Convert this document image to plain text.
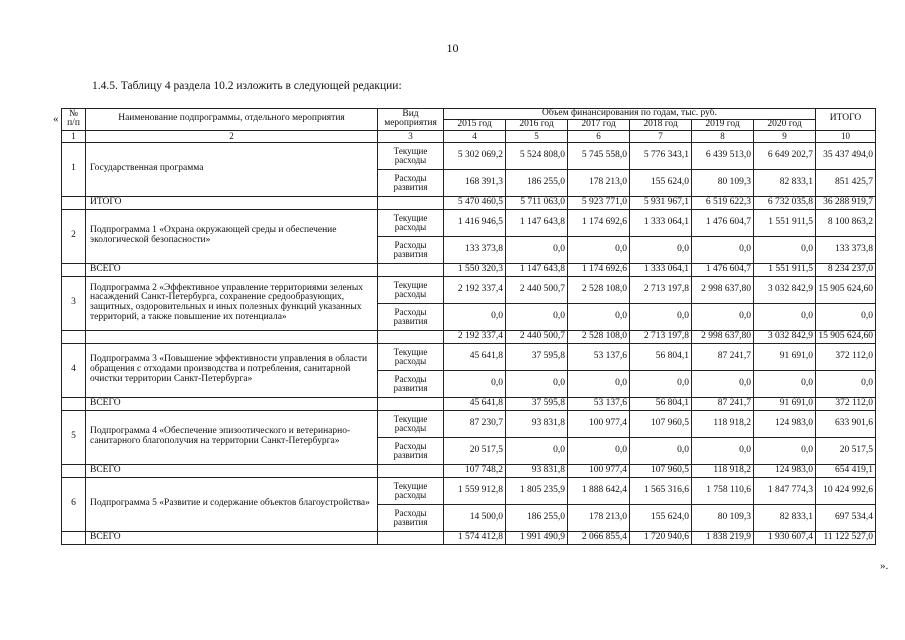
10
1.4.5. Таблицу 4 раздела 10.2 изложить в следующей редакции:
«
».
№ п/п	Наименование подпрограммы, отдельного мероприятия	Вид мероприятия	Объем финансирования по годам, тыс. руб.						ИТОГО
			2015 год	2016 год	2017 год	2018 год	2019 год	2020 год	
1	2	3	4	5	6	7	8	9	10
1	Государственная программа	Текущие расходы	5 302 069,2	5 524 808,0	5 745 558,0	5 776 343,1	6 439 513,0	6 649 202,7	35 437 494,0
		Расходы развития	168 391,3	186 255,0	178 213,0	155 624,0	80 109,3	82 833,1	851 425,7
	ИТОГО		5 470 460,5	5 711 063,0	5 923 771,0	5 931 967,1	6 519 622,3	6 732 035,8	36 288 919,7
2	Подпрограмма 1 «Охрана окружающей среды и обеспечение экологической безопасности»	Текущие расходы	1 416 946,5	1 147 643,8	1 174 692,6	1 333 064,1	1 476 604,7	1 551 911,5	8 100 863,2
		Расходы развития	133 373,8	0,0	0,0	0,0	0,0	0,0	133 373,8
	ВСЕГО		1 550 320,3	1 147 643,8	1 174 692,6	1 333 064,1	1 476 604,7	1 551 911,5	8 234 237,0
3	Подпрограмма 2 «Эффективное управление территориями зеленых насаждений Санкт-Петербурга, сохранение средообразующих, защитных, оздоровительных и иных полезных функций указанных территорий, а также повышение их потенциала»	Текущие расходы	2 192 337,4	2 440 500,7	2 528 108,0	2 713 197,8	2 998 637,80	3 032 842,9	15 905 624,60
		Расходы развития	0,0	0,0	0,0	0,0	0,0	0,0	0,0
			2 192 337,4	2 440 500,7	2 528 108,0	2 713 197,8	2 998 637,80	3 032 842,9	15 905 624,60
4	Подпрограмма 3 «Повышение эффективности управления в области обращения с отходами производства и потребления, санитарной очистки территории Санкт-Петербурга»	Текущие расходы	45 641,8	37 595,8	53 137,6	56 804,1	87 241,7	91 691,0	372 112,0
		Расходы развития	0,0	0,0	0,0	0,0	0,0	0,0	0,0
	ВСЕГО		45 641,8	37 595,8	53 137,6	56 804,1	87 241,7	91 691,0	372 112,0
5	Подпрограмма 4 «Обеспечение эпизоотического и ветеринарно-санитарного благополучия на территории Санкт-Петербурга»	Текущие расходы	87 230,7	93 831,8	100 977,4	107 960,5	118 918,2	124 983,0	633 901,6
		Расходы развития	20 517,5	0,0	0,0	0,0	0,0	0,0	20 517,5
	ВСЕГО		107 748,2	93 831,8	100 977,4	107 960,5	118 918,2	124 983,0	654 419,1
6	Подпрограмма 5 «Развитие и содержание объектов благоустройства»	Текущие расходы	1 559 912,8	1 805 235,9	1 888 642,4	1 565 316,6	1 758 110,6	1 847 774,3	10 424 992,6
		Расходы развития	14 500,0	186 255,0	178 213,0	155 624,0	80 109,3	82 833,1	697 534,4
	ВСЕГО		1 574 412,8	1 991 490,9	2 066 855,4	1 720 940,6	1 838 219,9	1 930 607,4	11 122 527,0
